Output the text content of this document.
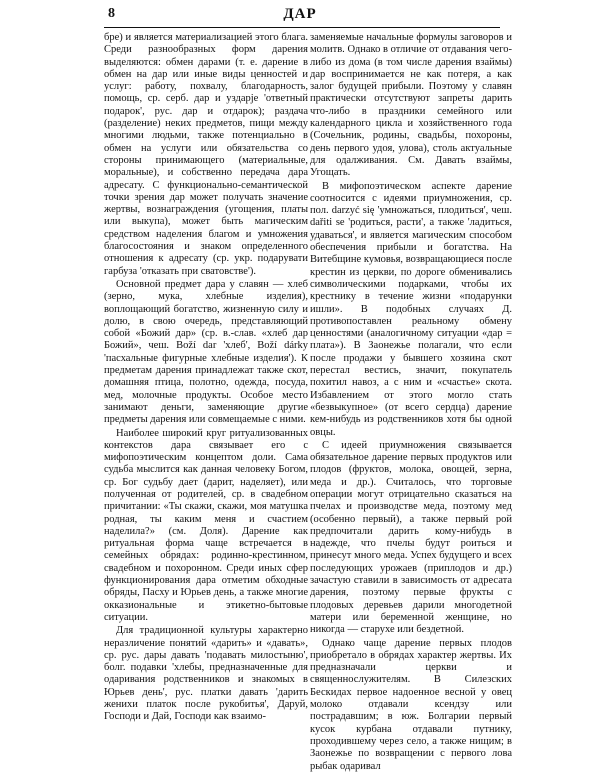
8	ДАР

бре) и является материализацией этого блага. Среди разнообразных форм дарения выделяются: обмен дарами (т. е. дарение в обмен на дар или иные виды ценностей и услуг: работу, похвалу, благодарность, помощь, ср. серб. дар и уздарје 'ответный подарок', рус. дар и отдарок); раздача (разделение) неких предметов, пищи между многими людьми, также потенциально в обмен на услуги или обязательства со стороны принимающего (материальные, моральные), и собственно передача дара адресату. С функционально-семантической точки зрения дар может получать значение жертвы, вознаграждения (угощения, платы или выкупа), может быть магическим средством наделения благом и умножения благосостояния и знаком определенного отношения к адресату (ср. укр. подарувати гарбуза 'отказать при сватовстве').

Основной предмет дара у славян — хлеб (зерно, мука, хлебные изделия), воплощающий богатство, жизненную силу и долю, в свою очередь, представляющий собой «Божий дар» (ср. в.-слав. «хлеб дар Божий», чеш. Boží dar 'хлеб', Boží dárky 'пасхальные фигурные хлебные изделия'). К предметам дарения принадлежат также скот, домашняя птица, полотно, одежда, посуда, мед, молочные продукты. Особое место занимают деньги, заменяющие другие предметы дарения или совмещаемые с ними.

Наиболее широкий круг ритуализованных контекстов дара связывает его с мифопоэтическим концептом доли. Сама судьба мыслится как данная человеку Богом, ср. Бог судьбу дает (дарит, наделяет), или полученная от родителей, ср. в свадебном причитании: «Ты скажи, скажи, моя матушка родная, ты каким меня и счастием наделила?» (см. Доля). Дарение как ритуальная форма чаще встречается в семейных обрядах: родинно-крестинном, свадебном и похоронном. Среди иных сфер функционирования дара отметим обходные обряды, Пасху и Юрьев день, а также многие окказиональные и этикетно-бытовые ситуации.

Для традиционной культуры характерно неразличение понятий «дарить» и «давать», ср. рус. дары давать 'подавать милостыню', болг. подавки 'хлебы, предназначенные для одаривания родственников и знакомых в Юрьев день', рус. платки давать 'дарить женихи платок после рукобитья', Даруй, Господи и Дай, Господи как взаимо-

заменяемые начальные формулы заговоров и молитв. Однако в отличие от отдавания чего-либо из дома (в том числе дарения взаймы) дар воспринимается не как потеря, а как залог будущей прибыли. Поэтому у славян практически отсутствуют запреты дарить что-либо в праздники семейного или календарного цикла и хозяйственного года (Сочельник, родины, свадьбы, похороны, день первого удоя, улова), столь актуальные для одалживания. См. Давать взаймы, Угощать.

В мифопоэтическом аспекте дарение соотносится с идеями приумножения, ср. пол. darzyć się 'умножаться, плодиться', чеш. dařiti se 'родиться, расти', а также 'ладиться, удаваться', и является магическим способом обеспечения прибыли и богатства. На Витебщине кумовья, возвращающиеся после крестин из церкви, по дороге обменивались символическими подарками, чтобы их крестнику в течение жизни «подарунки ишли». В подобных случаях Д. противопоставлен реальному обмену ценностями (аналогичному ситуации «дар = плата»). В Заонежье полагали, что если после продажи у бывшего хозяина скот перестал вестись, значит, покупатель похитил навоз, а с ним и «счастье» скота. Избавлением от этого могло стать «безвыкупное» (от всего сердца) дарение кем-нибудь из родственников хотя бы одной овцы.

С идеей приумножения связывается обязательное дарение первых продуктов или плодов (фруктов, молока, овощей, зерна, меда и др.). Считалось, что торговые операции могут отрицательно сказаться на пчелах и производстве меда, поэтому мед (особенно первый), а также первый рой предпочитали дарить кому-нибудь в надежде, что пчелы будут роиться и принесут много меда. Успех будущего и всех последующих урожаев (приплодов и др.) зачастую ставили в зависимость от адресата дарения, поэтому первые фрукты с плодовых деревьев дарили многодетной матери или беременной женщине, но никогда — старухе или бездетной.

Однако чаще дарение первых плодов приобретало в обрядах характер жертвы. Их предназначали церкви и священнослужителям. В Силезских Бескидах первое надоенное весной у овец молоко отдавали ксендзу или пострадавшим; в юж. Болгарии первый кусок курбана отдавали путнику, проходившему через село, а также нищим; в Заонежье по возвращении с первого лова рыбак одаривал
